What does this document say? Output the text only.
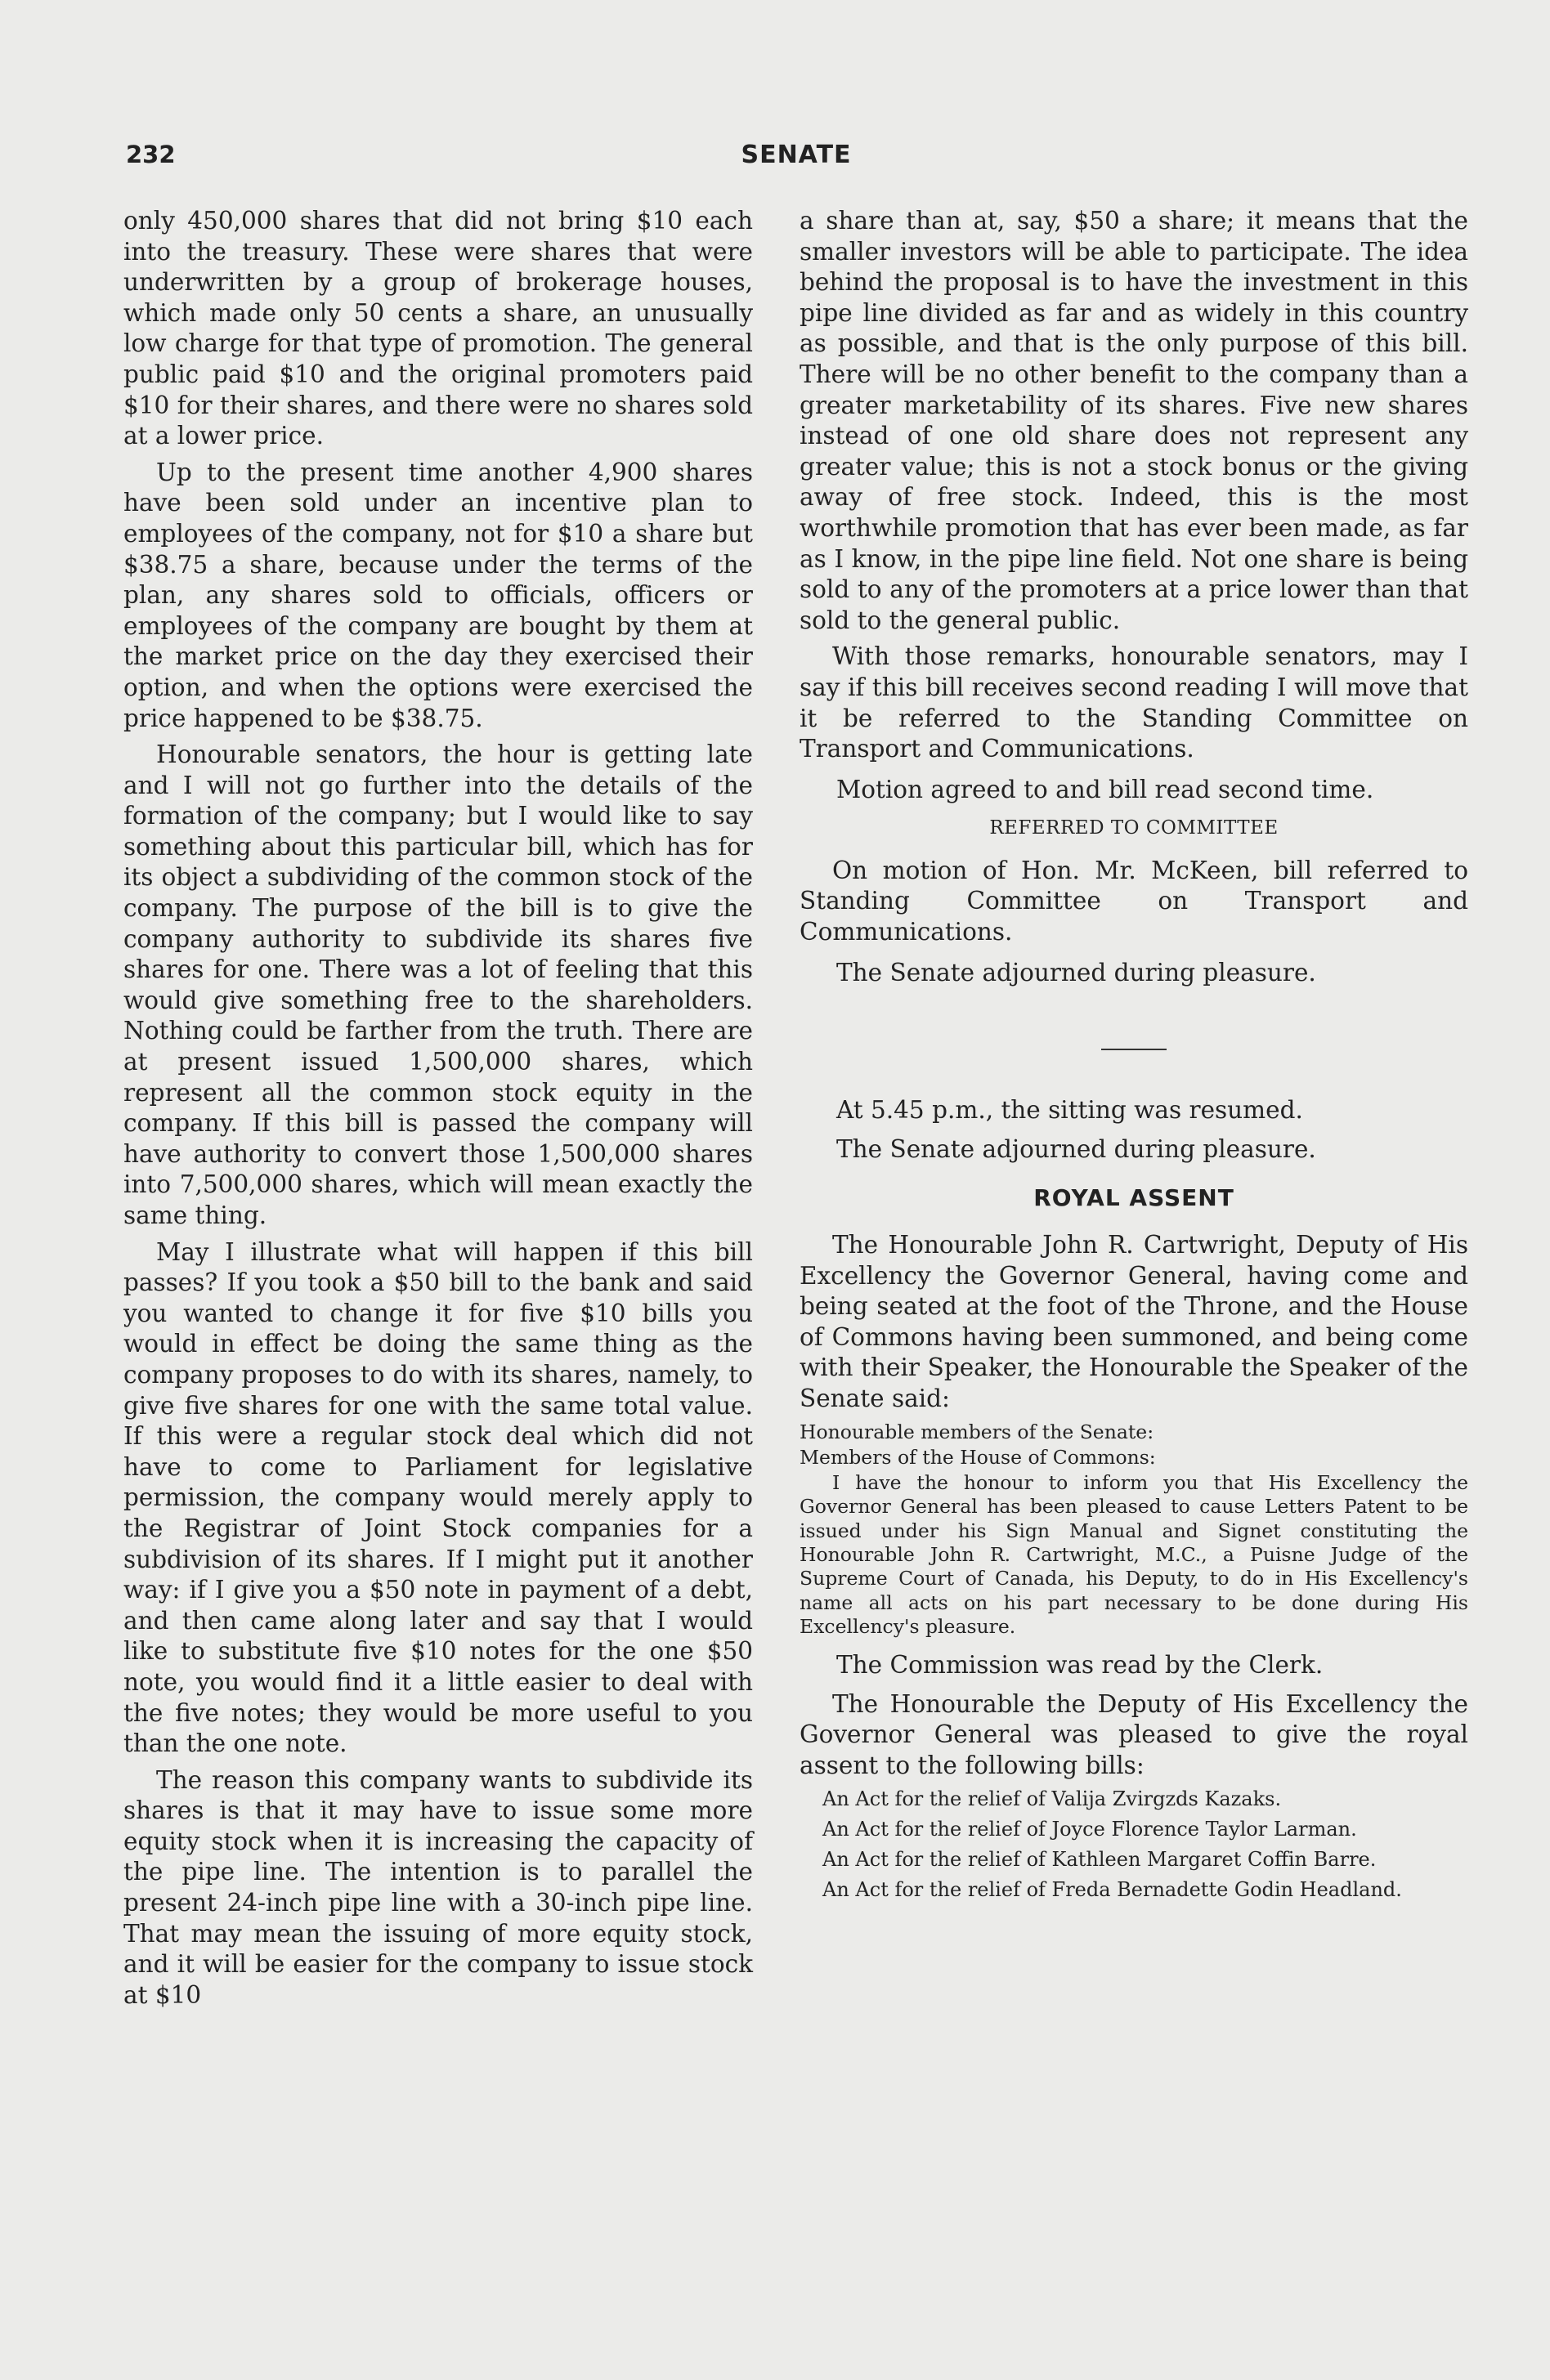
232	SENATE

only 450,000 shares that did not bring $10 each into the treasury. These were shares that were underwritten by a group of brokerage houses, which made only 50 cents a share, an unusually low charge for that type of promotion. The general public paid $10 and the original promoters paid $10 for their shares, and there were no shares sold at a lower price.

Up to the present time another 4,900 shares have been sold under an incentive plan to employees of the company, not for $10 a share but $38.75 a share, because under the terms of the plan, any shares sold to officials, officers or employees of the company are bought by them at the market price on the day they exercised their option, and when the options were exercised the price happened to be $38.75.

Honourable senators, the hour is getting late and I will not go further into the details of the formation of the company; but I would like to say something about this particular bill, which has for its object a subdividing of the common stock of the company. The purpose of the bill is to give the company authority to subdivide its shares five shares for one. There was a lot of feeling that this would give something free to the shareholders. Nothing could be farther from the truth. There are at present issued 1,500,000 shares, which represent all the common stock equity in the company. If this bill is passed the company will have authority to convert those 1,500,000 shares into 7,500,000 shares, which will mean exactly the same thing.

May I illustrate what will happen if this bill passes? If you took a $50 bill to the bank and said you wanted to change it for five $10 bills you would in effect be doing the same thing as the company proposes to do with its shares, namely, to give five shares for one with the same total value. If this were a regular stock deal which did not have to come to Parliament for legislative permission, the company would merely apply to the Registrar of Joint Stock companies for a subdivision of its shares. If I might put it another way: if I give you a $50 note in payment of a debt, and then came along later and say that I would like to substitute five $10 notes for the one $50 note, you would find it a little easier to deal with the five notes; they would be more useful to you than the one note.

The reason this company wants to subdivide its shares is that it may have to issue some more equity stock when it is increasing the capacity of the pipe line. The intention is to parallel the present 24-inch pipe line with a 30-inch pipe line. That may mean the issuing of more equity stock, and it will be easier for the company to issue stock at $10

a share than at, say, $50 a share; it means that the smaller investors will be able to participate. The idea behind the proposal is to have the investment in this pipe line divided as far and as widely in this country as possible, and that is the only purpose of this bill. There will be no other benefit to the company than a greater marketability of its shares. Five new shares instead of one old share does not represent any greater value; this is not a stock bonus or the giving away of free stock. Indeed, this is the most worthwhile promotion that has ever been made, as far as I know, in the pipe line field. Not one share is being sold to any of the promoters at a price lower than that sold to the general public.

With those remarks, honourable senators, may I say if this bill receives second reading I will move that it be referred to the Standing Committee on Transport and Communications.

Motion agreed to and bill read second time.

REFERRED TO COMMITTEE

On motion of Hon. Mr. McKeen, bill referred to Standing Committee on Transport and Communications.

The Senate adjourned during pleasure.

At 5.45 p.m., the sitting was resumed.

The Senate adjourned during pleasure.

ROYAL ASSENT

The Honourable John R. Cartwright, Deputy of His Excellency the Governor General, having come and being seated at the foot of the Throne, and the House of Commons having been summoned, and being come with their Speaker, the Honourable the Speaker of the Senate said:

Honourable members of the Senate:

Members of the House of Commons:

I have the honour to inform you that His Excellency the Governor General has been pleased to cause Letters Patent to be issued under his Sign Manual and Signet constituting the Honourable John R. Cartwright, M.C., a Puisne Judge of the Supreme Court of Canada, his Deputy, to do in His Excellency's name all acts on his part necessary to be done during His Excellency's pleasure.

The Commission was read by the Clerk.

The Honourable the Deputy of His Excellency the Governor General was pleased to give the royal assent to the following bills:

An Act for the relief of Valija Zvirgzds Kazaks.

An Act for the relief of Joyce Florence Taylor Larman.

An Act for the relief of Kathleen Margaret Coffin Barre.

An Act for the relief of Freda Bernadette Godin Headland.
